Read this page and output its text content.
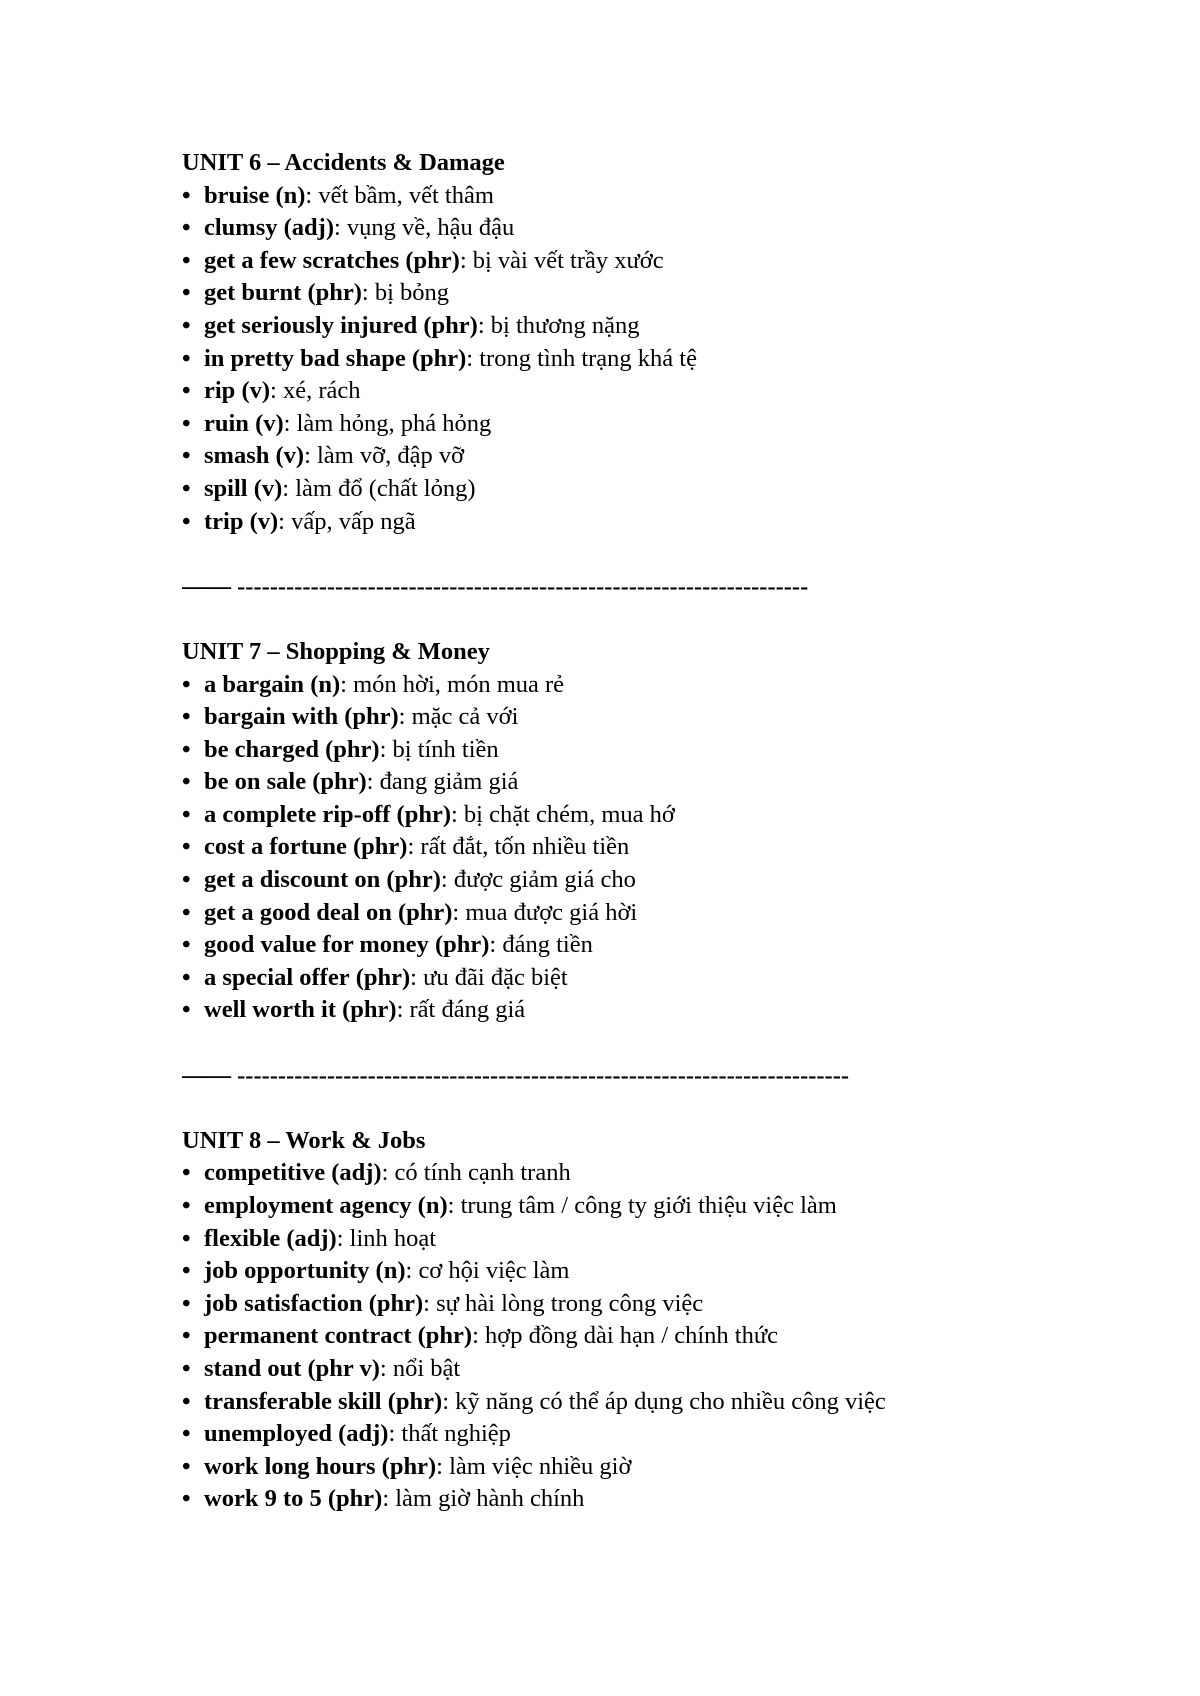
UNIT 6 – Accidents & Damage
• bruise (n): vết bầm, vết thâm
• clumsy (adj): vụng về, hậu đậu
• get a few scratches (phr): bị vài vết trầy xước
• get burnt (phr): bị bỏng
• get seriously injured (phr): bị thương nặng
• in pretty bad shape (phr): trong tình trạng khá tệ
• rip (v): xé, rách
• ruin (v): làm hỏng, phá hỏng
• smash (v): làm vỡ, đập vỡ
• spill (v): làm đổ (chất lỏng)
• trip (v): vấp, vấp ngã
—— ----------------------------------------------------------------------
UNIT 7 – Shopping & Money
• a bargain (n): món hời, món mua rẻ
• bargain with (phr): mặc cả với
• be charged (phr): bị tính tiền
• be on sale (phr): đang giảm giá
• a complete rip-off (phr): bị chặt chém, mua hớ
• cost a fortune (phr): rất đắt, tốn nhiều tiền
• get a discount on (phr): được giảm giá cho
• get a good deal on (phr): mua được giá hời
• good value for money (phr): đáng tiền
• a special offer (phr): ưu đãi đặc biệt
• well worth it (phr): rất đáng giá
—— ---------------------------------------------------------------------------
UNIT 8 – Work & Jobs
• competitive (adj): có tính cạnh tranh
• employment agency (n): trung tâm / công ty giới thiệu việc làm
• flexible (adj): linh hoạt
• job opportunity (n): cơ hội việc làm
• job satisfaction (phr): sự hài lòng trong công việc
• permanent contract (phr): hợp đồng dài hạn / chính thức
• stand out (phr v): nổi bật
• transferable skill (phr): kỹ năng có thể áp dụng cho nhiều công việc
• unemployed (adj): thất nghiệp
• work long hours (phr): làm việc nhiều giờ
• work 9 to 5 (phr): làm giờ hành chính
